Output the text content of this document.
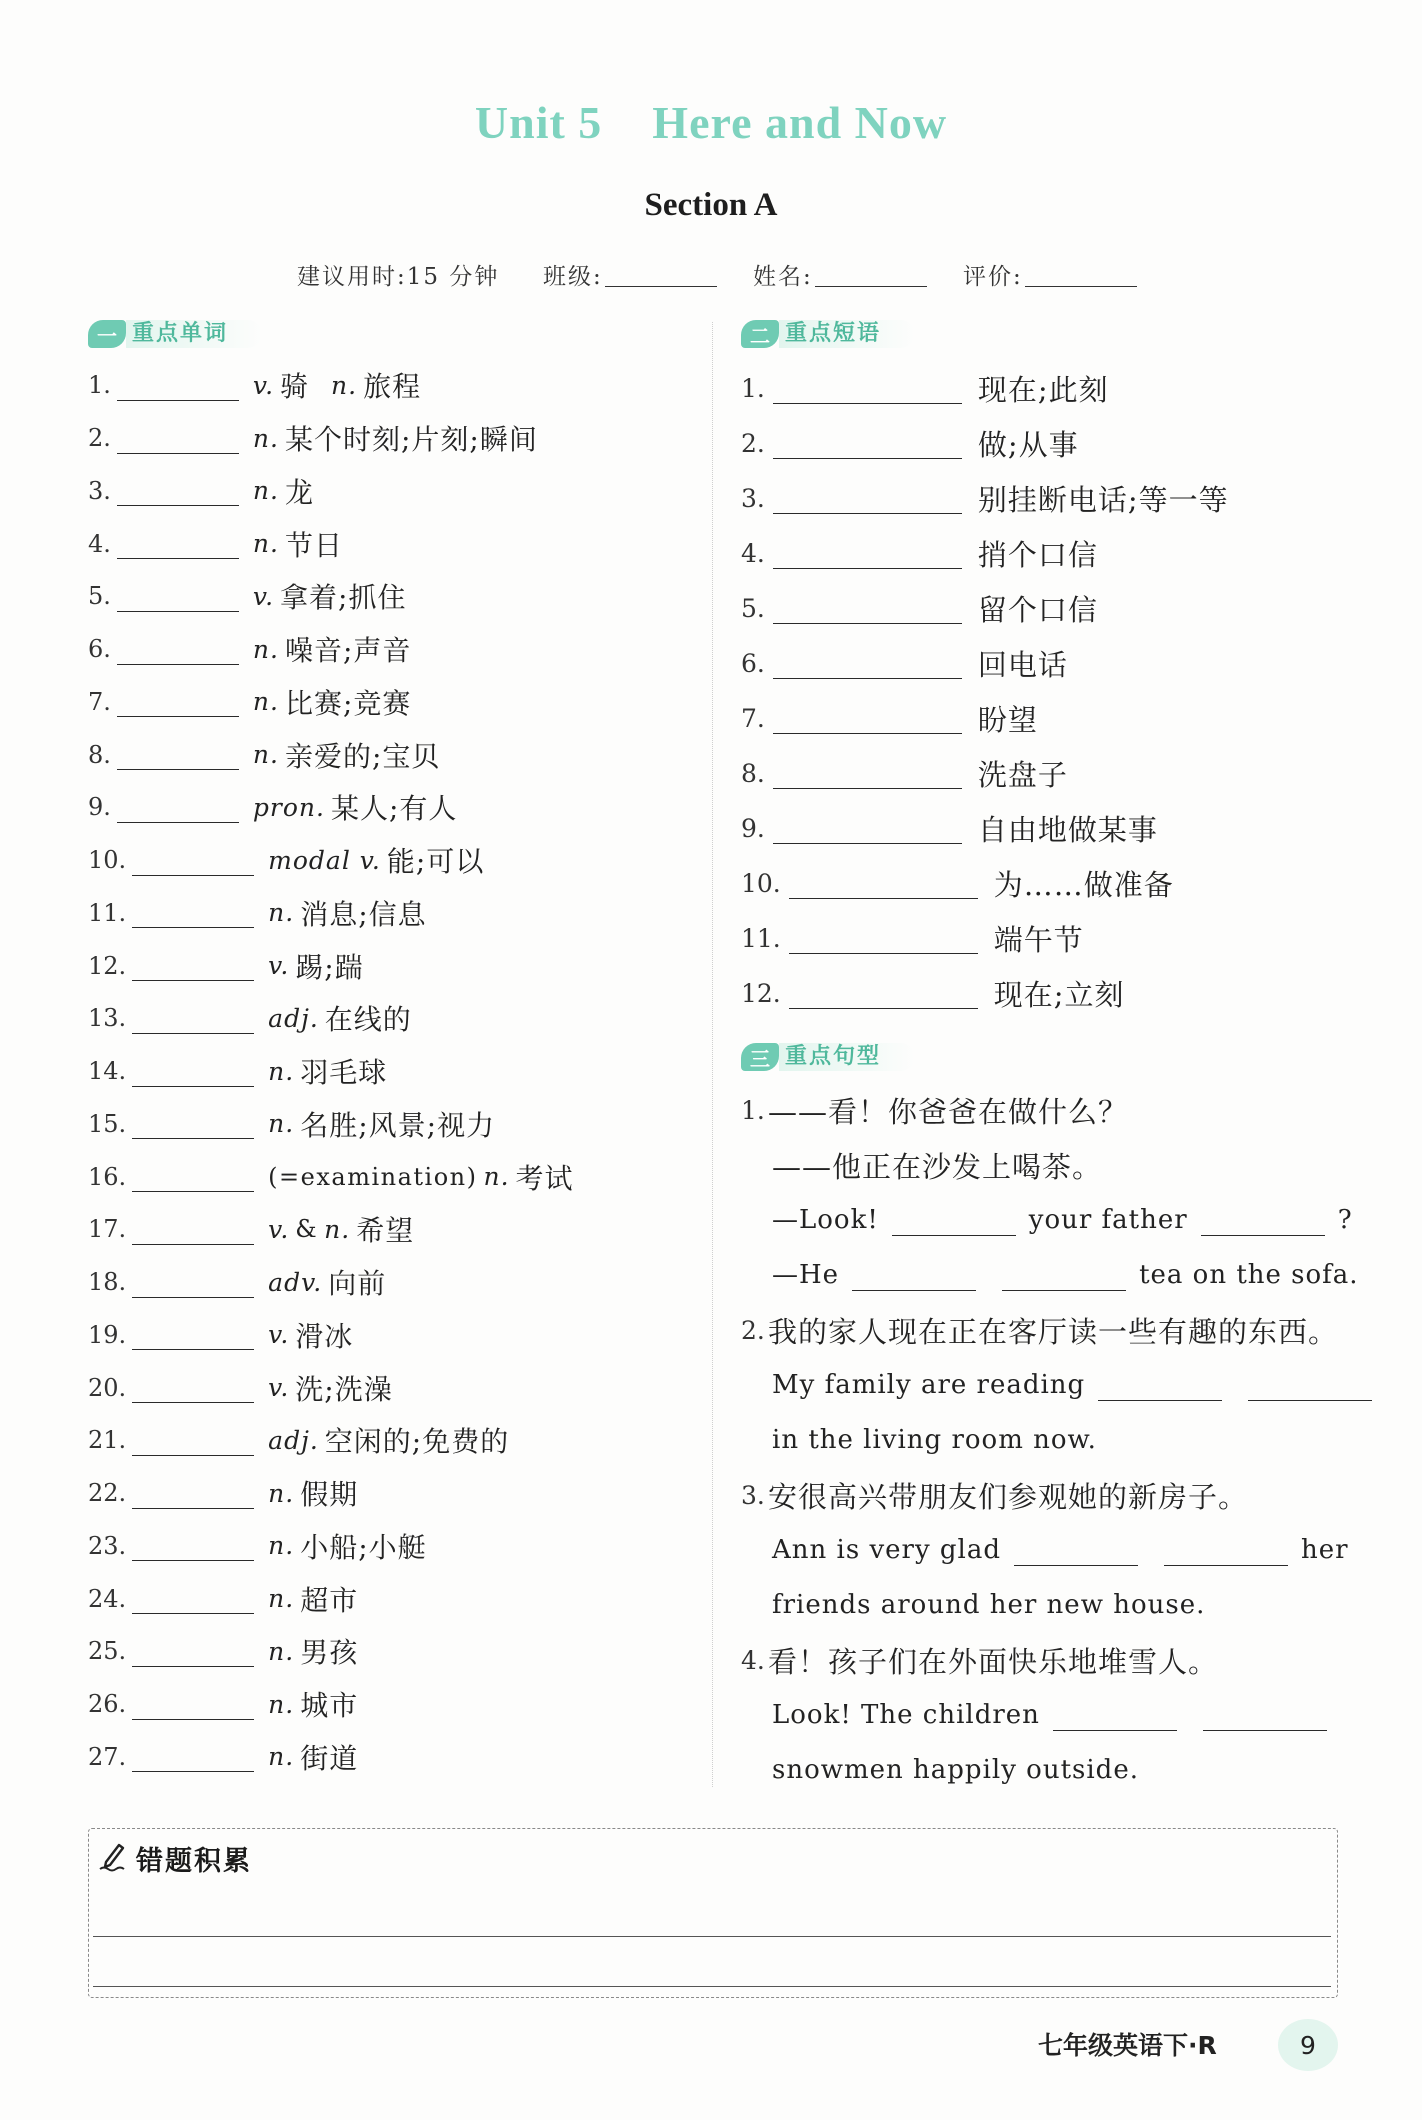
Unit 5 Here and Now
Section A
建议用时:15 分钟 班级:	姓名:	评价:
一 重点单词
1.	v. 骑 n. 旅程
2.	n. 某个时刻;片刻;瞬间
3.	n. 龙
4.	n. 节日
5.	v. 拿着;抓住
6.	n. 噪音;声音
7.	n. 比赛;竞赛
8.	n. 亲爱的;宝贝
9.	pron. 某人;有人
10.	modal v. 能;可以
11.	n. 消息;信息
12.	v. 踢;踹
13.	adj. 在线的
14.	n. 羽毛球
15.	n. 名胜;风景;视力
16.	(=examination) n. 考试
17.	v. & n. 希望
18.	adv. 向前
19.	v. 滑冰
20.	v. 洗;洗澡
21.	adj. 空闲的;免费的
22.	n. 假期
23.	n. 小船;小艇
24.	n. 超市
25.	n. 男孩
26.	n. 城市
27.	n. 街道
二 重点短语
1.	现在;此刻
2.	做;从事
3.	别挂断电话;等一等
4.	捎个口信
5.	留个口信
6.	回电话
7.	盼望
8.	洗盘子
9.	自由地做某事
10.	为……做准备
11.	端午节
12.	现在;立刻
三 重点句型
1. ——看！你爸爸在做什么？
——他正在沙发上喝茶。
—Look!	your father	?
—He	tea on the sofa.
2. 我的家人现在正在客厅读一些有趣的东西。
My family are reading
in the living room now.
3. 安很高兴带朋友们参观她的新房子。
Ann is very glad	her
friends around her new house.
4. 看！孩子们在外面快乐地堆雪人。
Look! The children
snowmen happily outside.
错题积累
七年级英语下·R	9
